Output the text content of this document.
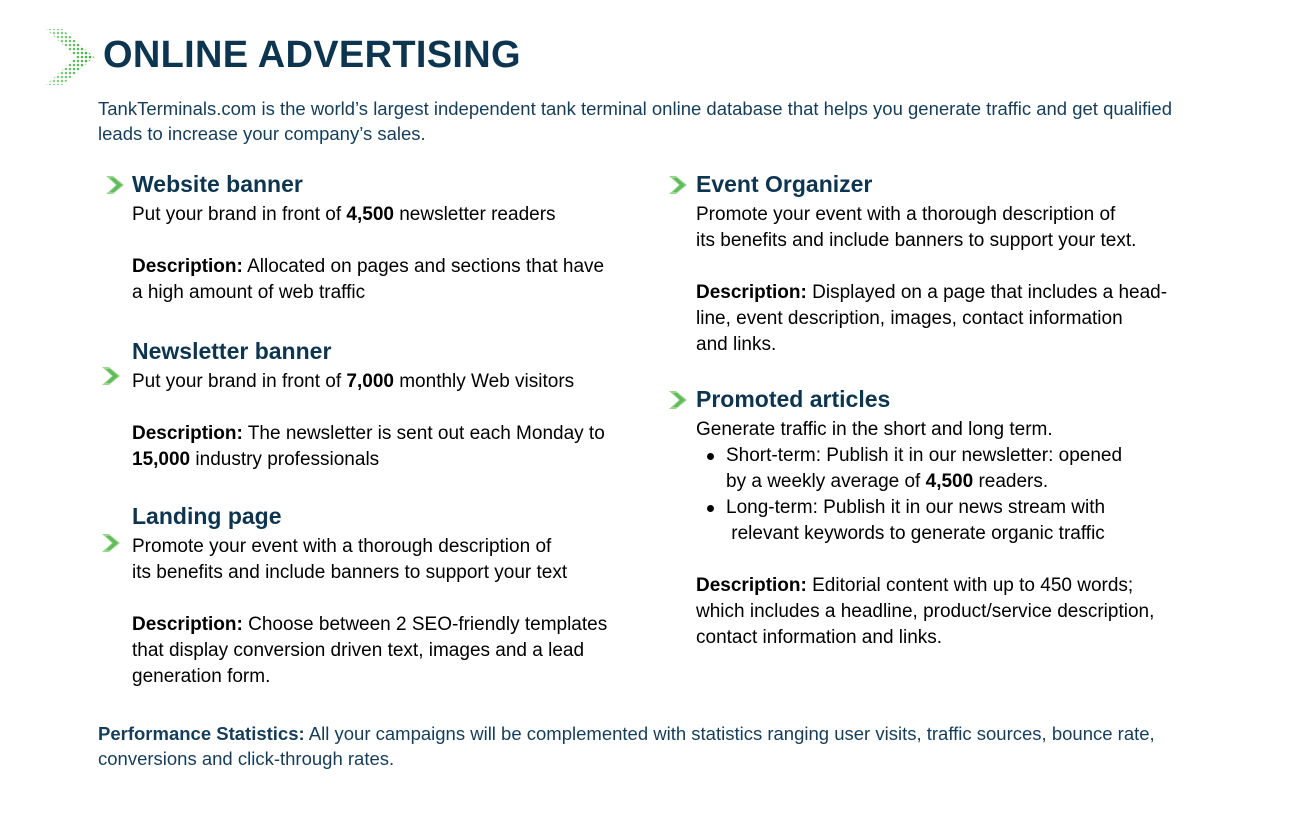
ONLINE ADVERTISING
TankTerminals.com is the world’s largest independent tank terminal online database that helps you generate traffic and get qualified leads to increase your company’s sales.
Website banner
Put your brand in front of 4,500 newsletter readers
Description: Allocated on pages and sections that have
a high amount of web traffic
Newsletter banner
Put your brand in front of 7,000 monthly Web visitors
Description: The newsletter is sent out each Monday to
15,000 industry professionals
Landing page
Promote your event with a thorough description of
its benefits and include banners to support your text
Description: Choose between 2 SEO-friendly templates
that display conversion driven text, images and a lead
generation form.
Event Organizer
Promote your event with a thorough description of
its benefits and include banners to support your text.
Description: Displayed on a page that includes a head-
line, event description, images, contact information
and links.
Promoted articles
Generate traffic in the short and long term.
Short-term: Publish it in our newsletter: opened
by a weekly average of 4,500 readers.
Long-term: Publish it in our news stream with
relevant keywords to generate organic traffic
Description: Editorial content with up to 450 words;
which includes a headline, product/service description,
contact information and links.
Performance Statistics: All your campaigns will be complemented with statistics ranging user visits, traffic sources, bounce rate, conversions and click-through rates.
